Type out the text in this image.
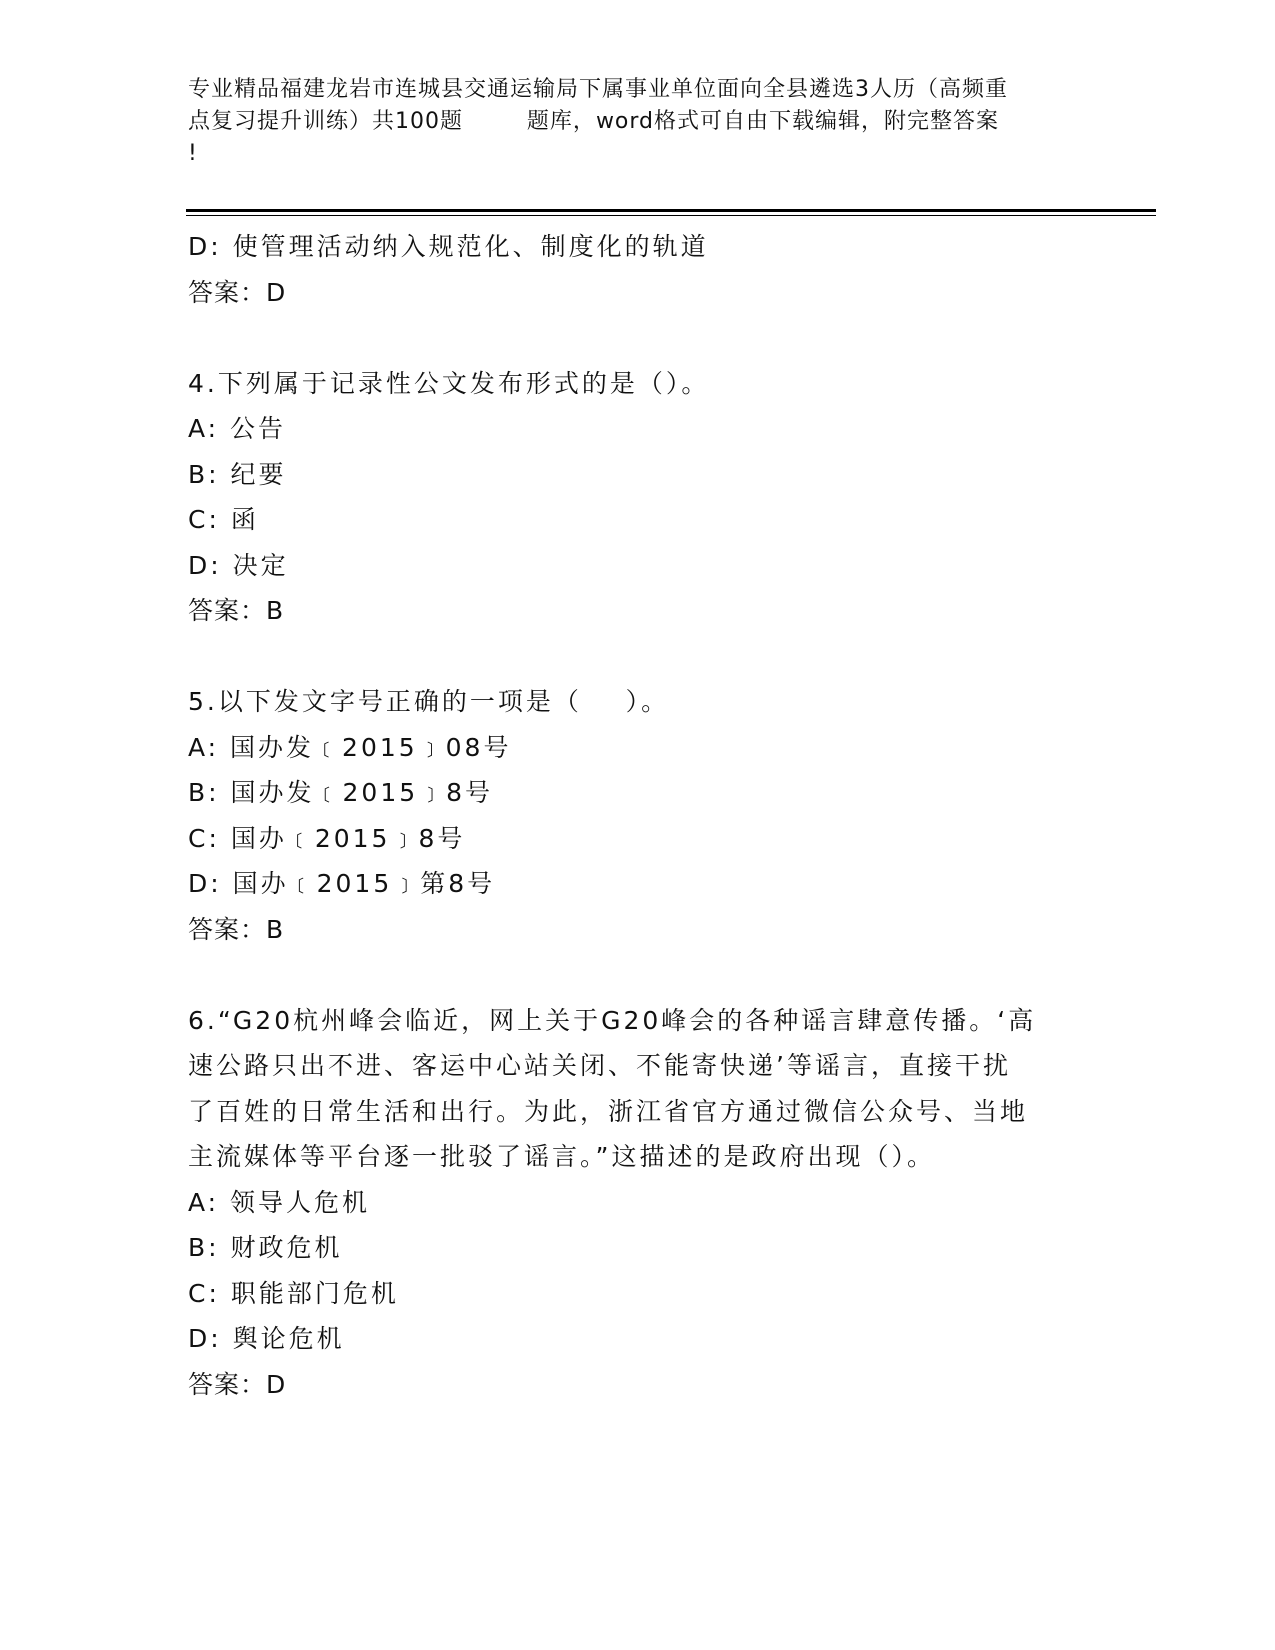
专业精品福建龙岩市连城县交通运输局下属事业单位面向全县遴选3人历（高频重
点复习提升训练）共100题        题库，word格式可自由下载编辑，附完整答案
!
D: 使管理活动纳入规范化、制度化的轨道
答案：D
4.下列属于记录性公文发布形式的是（）。
A: 公告
B: 纪要
C: 函
D: 决定
答案：B
5.以下发文字号正确的一项是（    ）。
A: 国办发﹝2015﹞08号
B: 国办发﹝2015﹞8号
C: 国办﹝2015﹞8号
D: 国办﹝2015﹞第8号
答案：B
6.“G20杭州峰会临近，网上关于G20峰会的各种谣言肆意传播。‘高
速公路只出不进、客运中心站关闭、不能寄快递’等谣言，直接干扰
了百姓的日常生活和出行。为此，浙江省官方通过微信公众号、当地
主流媒体等平台逐一批驳了谣言。”这描述的是政府出现（）。
A: 领导人危机
B: 财政危机
C: 职能部门危机
D: 舆论危机
答案：D
